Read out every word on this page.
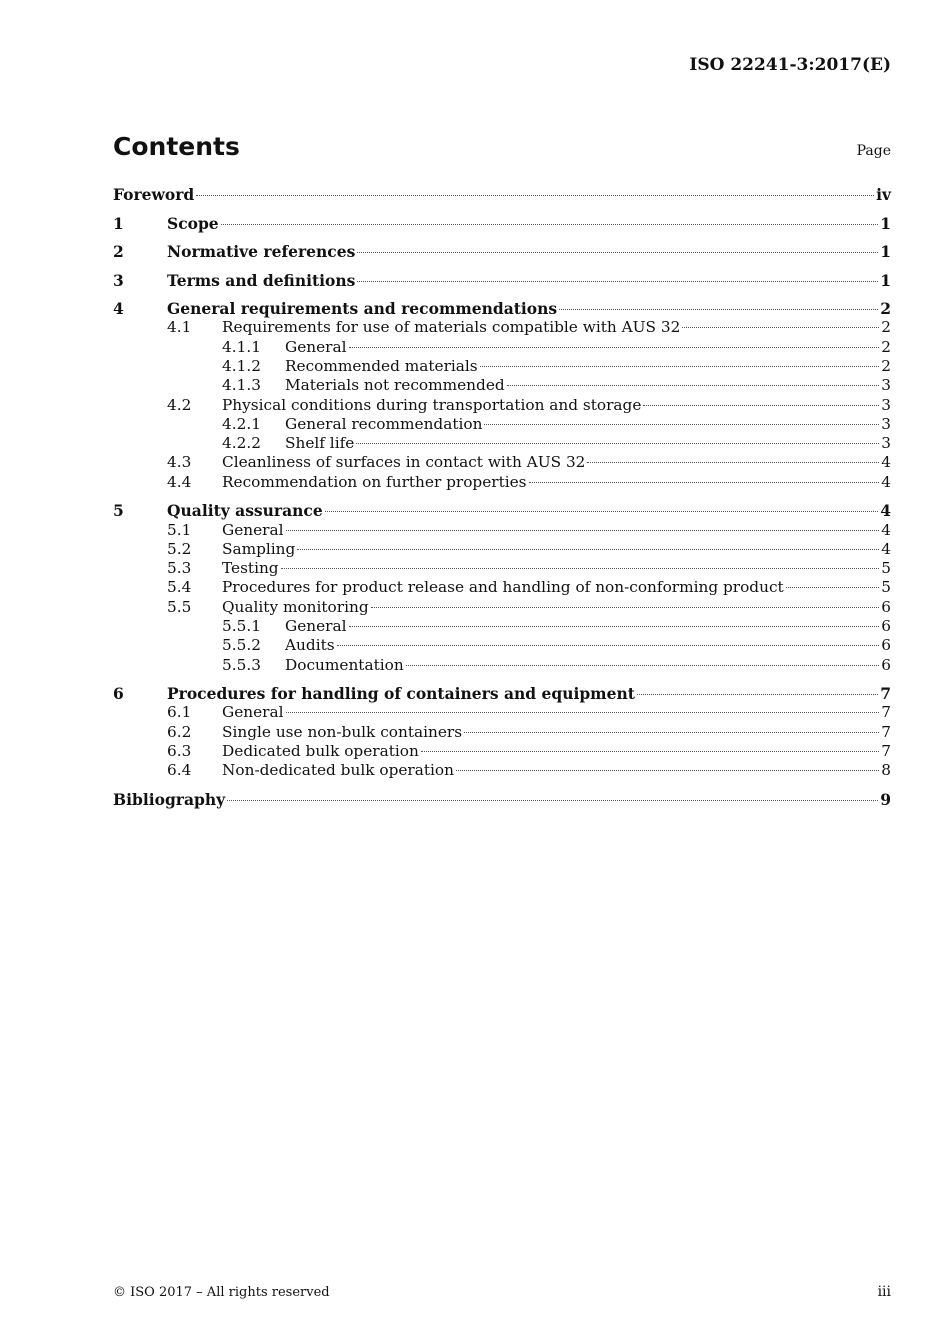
ISO 22241-3:2017(E)
Contents	Page
Foreword	iv
1	Scope	1
2	Normative references	1
3	Terms and definitions	1
4	General requirements and recommendations	2
4.1	Requirements for use of materials compatible with AUS 32	2
4.1.1	General	2
4.1.2	Recommended materials	2
4.1.3	Materials not recommended	3
4.2	Physical conditions during transportation and storage	3
4.2.1	General recommendation	3
4.2.2	Shelf life	3
4.3	Cleanliness of surfaces in contact with AUS 32	4
4.4	Recommendation on further properties	4
5	Quality assurance	4
5.1	General	4
5.2	Sampling	4
5.3	Testing	5
5.4	Procedures for product release and handling of non-conforming product	5
5.5	Quality monitoring	6
5.5.1	General	6
5.5.2	Audits	6
5.5.3	Documentation	6
6	Procedures for handling of containers and equipment	7
6.1	General	7
6.2	Single use non-bulk containers	7
6.3	Dedicated bulk operation	7
6.4	Non-dedicated bulk operation	8
Bibliography	9
© ISO 2017 – All rights reserved	iii
